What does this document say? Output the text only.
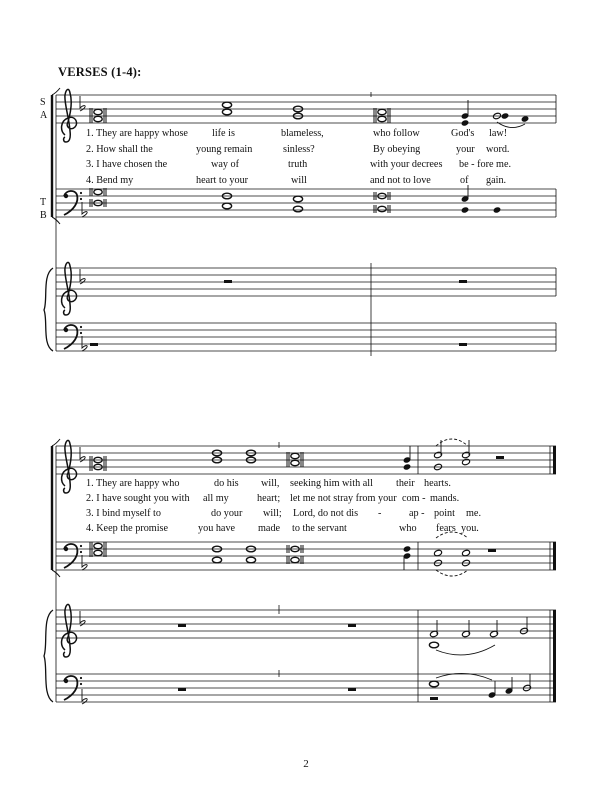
VERSES (1-4):
S
A
T
B
1. They are happy whose life is	blameless,	who follow	God's law!
2. How shall the	young remain	sinless?	By obeying	your word.
3. I have chosen the	way of	truth	with your decrees be - fore me.
4. Bend my	heart to your	will	and not to love	of gain.
1. They are happy who	do his will, seeking him with all their hearts.
2. I have sought you with all my	heart; let me not stray from your com - mands.
3. I bind myself to	do your will; Lord, do not dis -	ap - point me.
4. Keep the promise	you have made to the servant	who fears you.
2
